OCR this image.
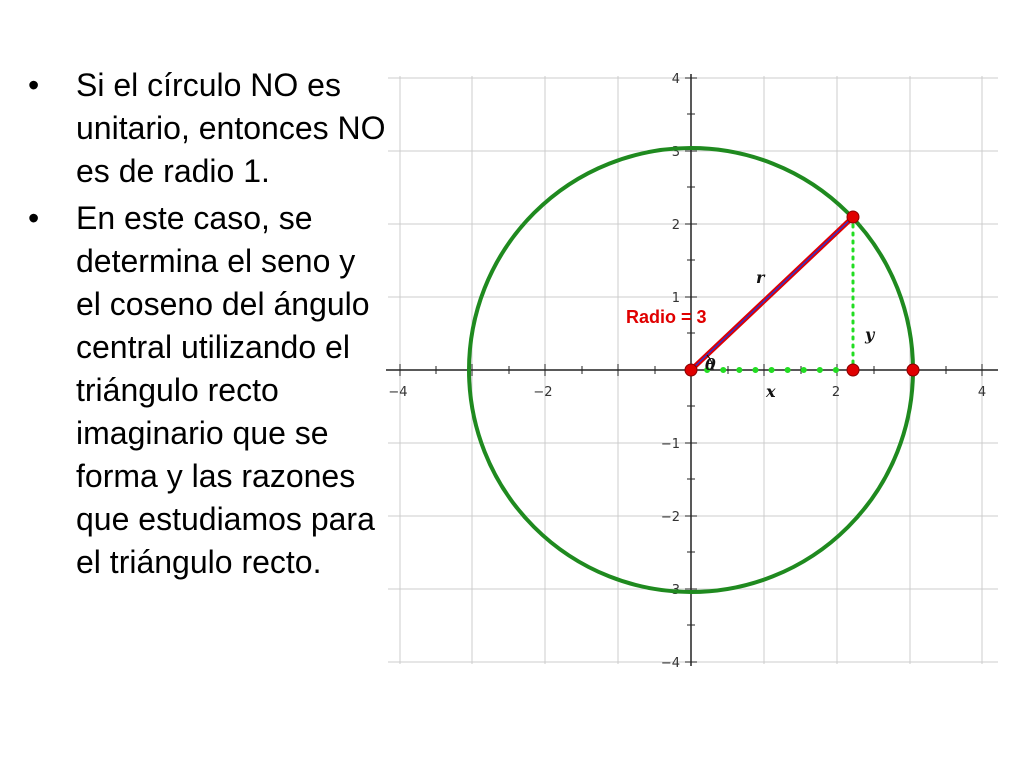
• Si el círculo NO es unitario, entonces NO es de radio 1.
• En este caso, se determina el seno y el coseno del ángulo central utilizando el triángulo recto imaginario que se forma y las razones que estudiamos para el triángulo recto.
−4	−2	2	4
4
3
2
1
−1
−2
−3
−4
Radio = 3
r
x
y
θ
